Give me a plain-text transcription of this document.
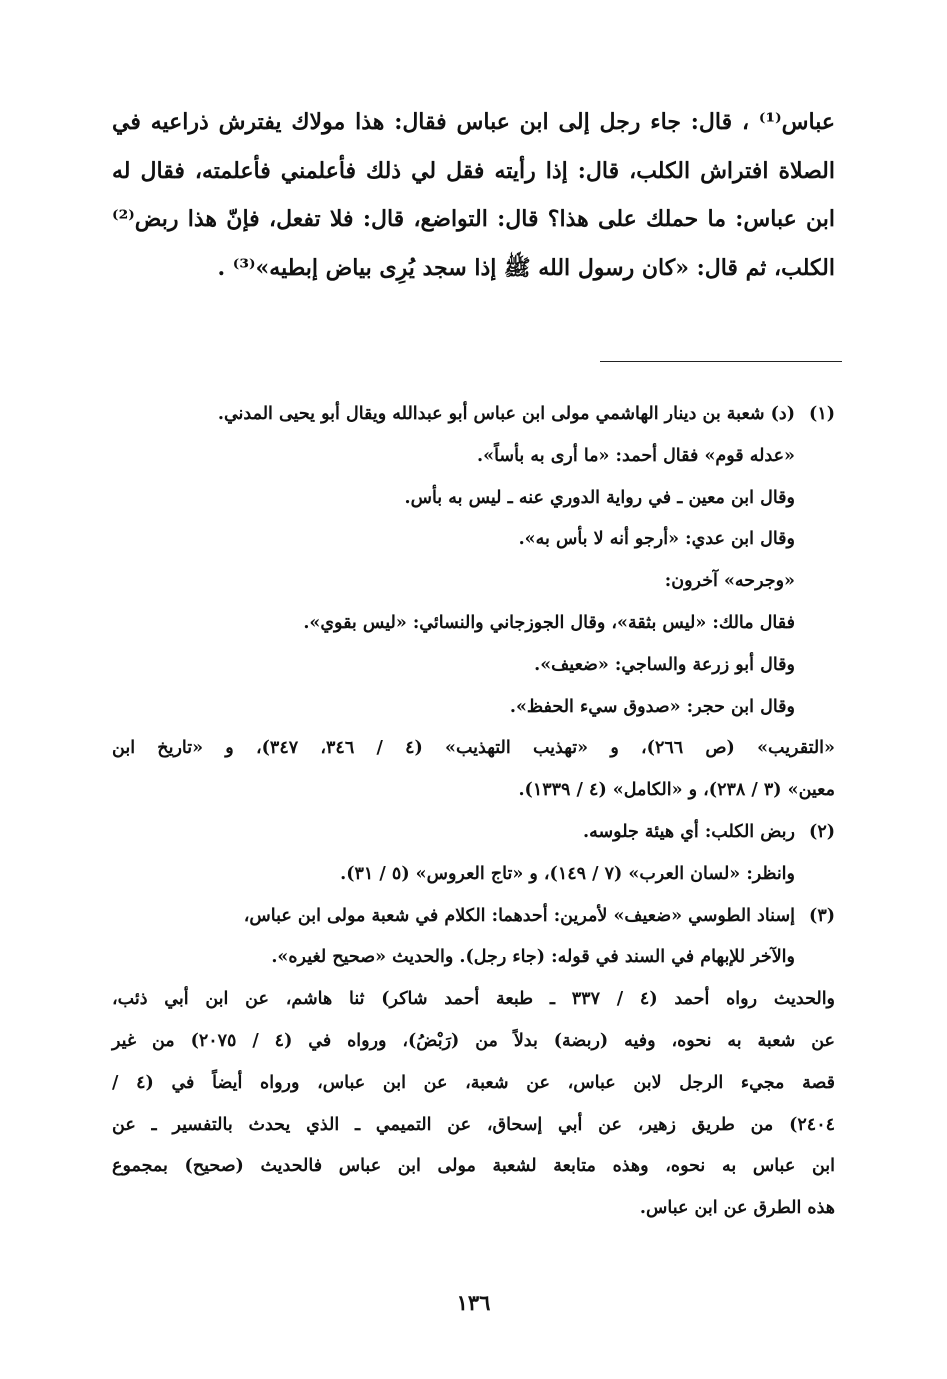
عباس⁽¹⁾ ، قال: جاء رجل إلى ابن عباس فقال: هذا مولاك يفترش ذراعيه في الصلاة افتراش الكلب، قال: إذا رأيته فقل لي ذلك فأعلمني فأعلمته، فقال له ابن عباس: ما حملك على هذا؟ قال: التواضع، قال: فلا تفعل، فإنّ هذا ربض⁽²⁾ الكلب، ثم قال: «كان رسول الله ﷺ إذا سجد يُرِى بياض إبطيه»⁽³⁾ .

(١)
(د) شعبة بن دينار الهاشمي مولى ابن عباس أبو عبدالله ويقال أبو يحيى المدني.
«عدله قوم» فقال أحمد: «ما أرى به بأساً».
وقال ابن معين ـ في رواية الدوري عنه ـ ليس به بأس.
وقال ابن عدي: «أرجو أنه لا بأس به».
«وجرحه» آخرون:
فقال مالك: «ليس بثقة»، وقال الجوزجاني والنسائي: «ليس بقوي».
وقال أبو زرعة والساجي: «ضعيف».
وقال ابن حجر: «صدوق سيء الحفظ».
«التقريب» (ص ٢٦٦)، و «تهذيب التهذيب» (٤ / ٣٤٦، ٣٤٧)، و «تاريخ ابن
معين» (٣ / ٢٣٨)، و «الكامل» (٤ / ١٣٣٩).
(٢)
ربض الكلب: أي هيئة جلوسه.
وانظر: «لسان العرب» (٧ / ١٤٩)، و «تاج العروس» (٥ / ٣١).
(٣)
إسناد الطوسي «ضعيف» لأمرين: أحدهما: الكلام في شعبة مولى ابن عباس،
والآخر للإبهام في السند في قوله: (جاء رجل). والحديث «صحيح لغيره».
والحديث رواه أحمد (٤ / ٣٣٧ ـ طبعة أحمد شاكر) ثنا هاشم، عن ابن أبي ذئب،
عن شعبة به نحوه، وفيه (ربضة) بدلاً من (رَبْضُ)، ورواه في (٤ / ٢٠٧٥) من غير
قصة مجيء الرجل لابن عباس، عن شعبة، عن ابن عباس، ورواه أيضاً في (٤ /
٢٤٠٤) من طريق زهير، عن أبي إسحاق، عن التميمي ـ الذي يحدث بالتفسير ـ عن
ابن عباس به نحوه، وهذه متابعة لشعبة مولى ابن عباس فالحديث (صحيح) بمجموع
هذه الطرق عن ابن عباس.
١٣٦
